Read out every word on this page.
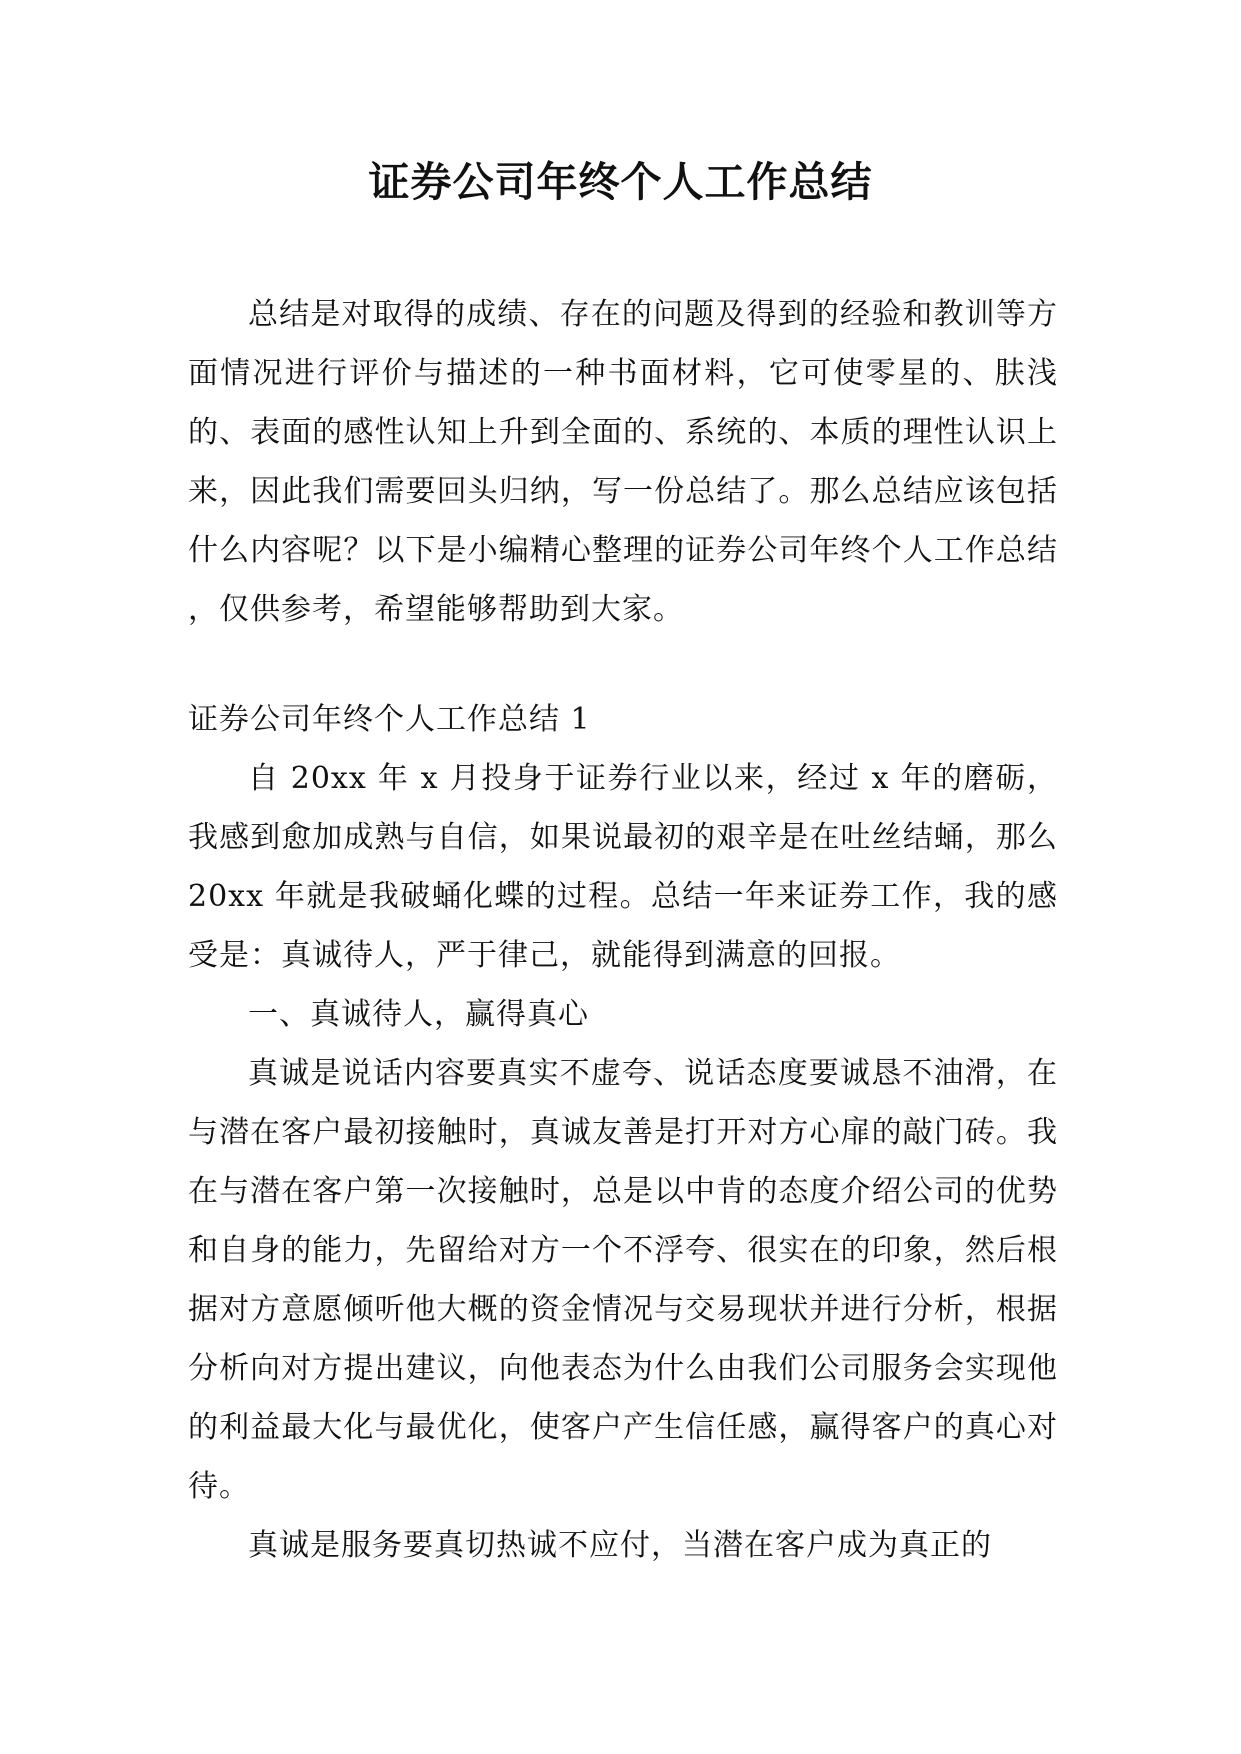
证券公司年终个人工作总结

总结是对取得的成绩、存在的问题及得到的经验和教训等方面情况进行评价与描述的一种书面材料，它可使零星的、肤浅的、表面的感性认知上升到全面的、系统的、本质的理性认识上来，因此我们需要回头归纳，写一份总结了。那么总结应该包括什么内容呢？以下是小编精心整理的证券公司年终个人工作总结 ，仅供参考，希望能够帮助到大家。

证券公司年终个人工作总结 1

自 20xx 年 x 月投身于证券行业以来，经过 x 年的磨砺，我感到愈加成熟与自信，如果说最初的艰辛是在吐丝结蛹，那么 20xx 年就是我破蛹化蝶的过程。总结一年来证券工作，我的感受是：真诚待人，严于律己，就能得到满意的回报。

一、真诚待人，赢得真心

真诚是说话内容要真实不虚夸、说话态度要诚恳不油滑，在与潜在客户最初接触时，真诚友善是打开对方心扉的敲门砖。我在与潜在客户第一次接触时，总是以中肯的态度介绍公司的优势和自身的能力，先留给对方一个不浮夸、很实在的印象，然后根据对方意愿倾听他大概的资金情况与交易现状并进行分析，根据分析向对方提出建议，向他表态为什么由我们公司服务会实现他的利益最大化与最优化，使客户产生信任感，赢得客户的真心对待。

真诚是服务要真切热诚不应付，当潜在客户成为真正的
